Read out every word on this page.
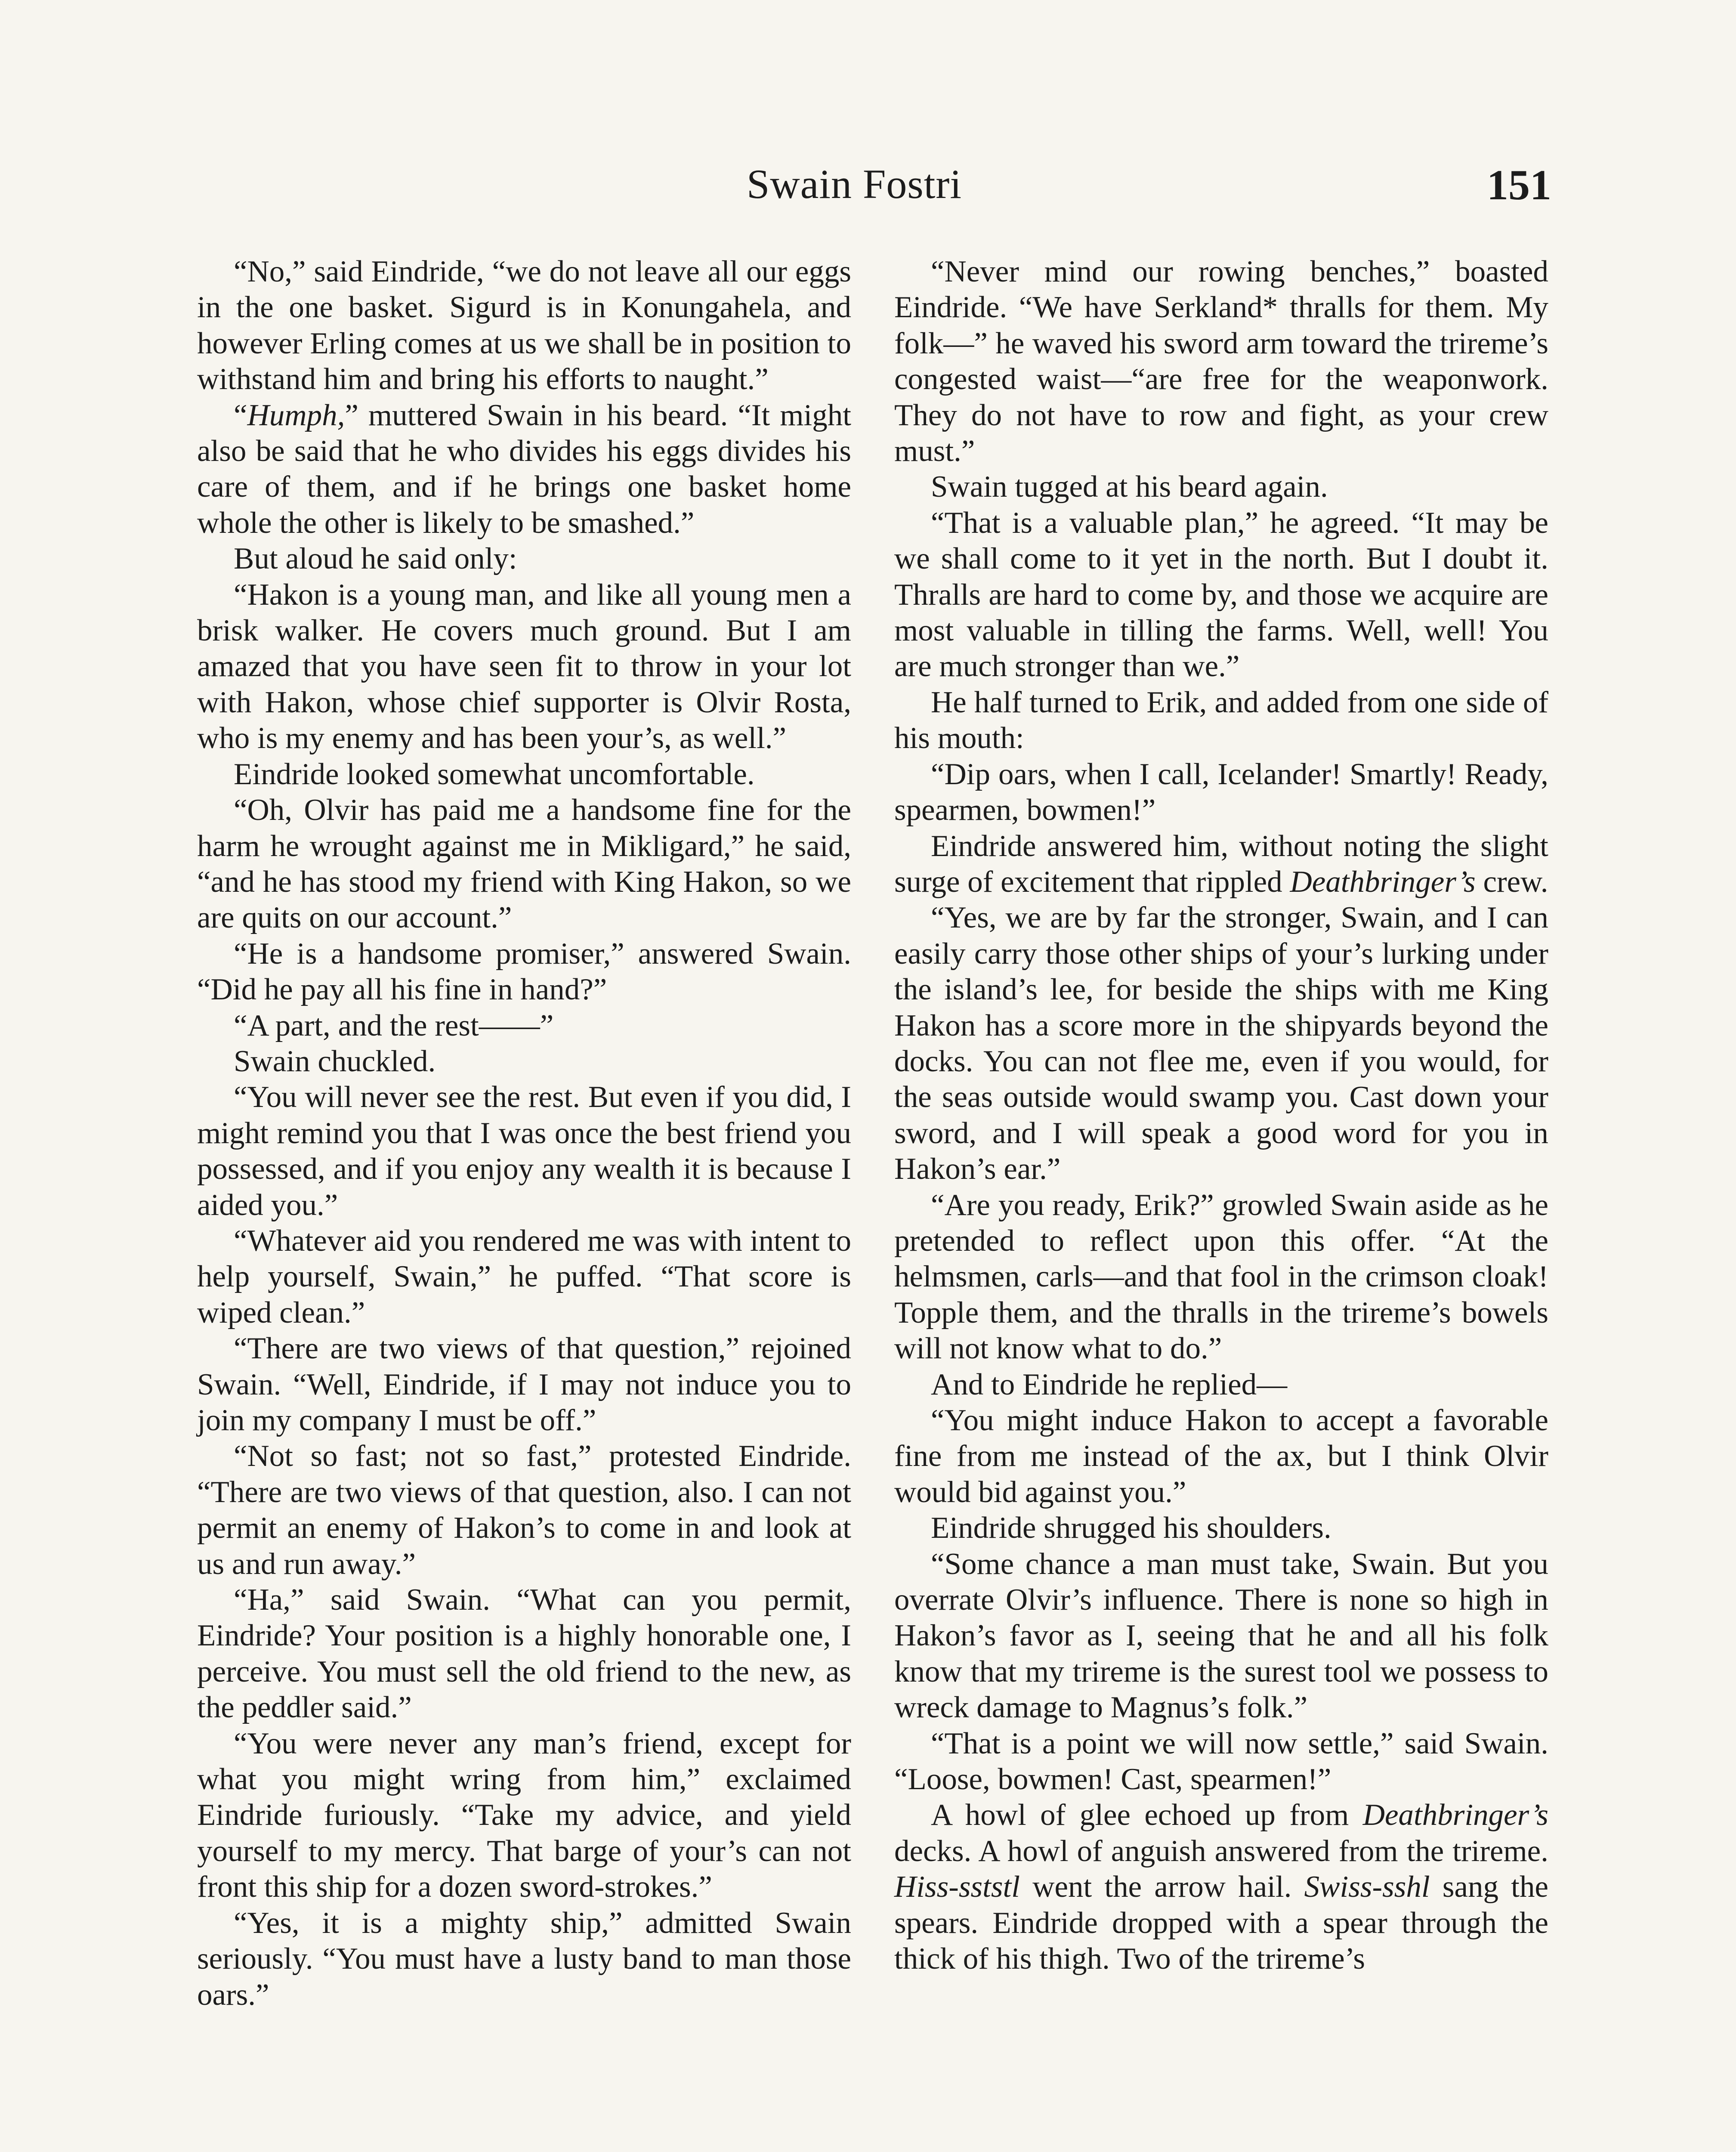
Swain Fostri	151

“No,” said Eindride, “we do not leave all our eggs in the one basket. Sigurd is in Konungahela, and however Erling comes at us we shall be in position to withstand him and bring his efforts to naught.”

“Humph,” muttered Swain in his beard. “It might also be said that he who divides his eggs divides his care of them, and if he brings one basket home whole the other is likely to be smashed.”

But aloud he said only:

“Hakon is a young man, and like all young men a brisk walker. He covers much ground. But I am amazed that you have seen fit to throw in your lot with Hakon, whose chief supporter is Olvir Rosta, who is my enemy and has been your’s, as well.”

Eindride looked somewhat uncomfortable.

“Oh, Olvir has paid me a handsome fine for the harm he wrought against me in Mikligard,” he said, “and he has stood my friend with King Hakon, so we are quits on our account.”

“He is a handsome promiser,” answered Swain. “Did he pay all his fine in hand?”

“A part, and the rest——”

Swain chuckled.

“You will never see the rest. But even if you did, I might remind you that I was once the best friend you possessed, and if you enjoy any wealth it is because I aided you.”

“Whatever aid you rendered me was with intent to help yourself, Swain,” he puffed. “That score is wiped clean.”

“There are two views of that question,” rejoined Swain. “Well, Eindride, if I may not induce you to join my company I must be off.”

“Not so fast; not so fast,” protested Eindride. “There are two views of that question, also. I can not permit an enemy of Hakon’s to come in and look at us and run away.”

“Ha,” said Swain. “What can you permit, Eindride? Your position is a highly honorable one, I perceive. You must sell the old friend to the new, as the peddler said.”

“You were never any man’s friend, except for what you might wring from him,” exclaimed Eindride furiously. “Take my advice, and yield yourself to my mercy. That barge of your’s can not front this ship for a dozen sword-strokes.”

“Yes, it is a mighty ship,” admitted Swain seriously. “You must have a lusty band to man those oars.”

“Never mind our rowing benches,” boasted Eindride. “We have Serkland* thralls for them. My folk—” he waved his sword arm toward the trireme’s congested waist—“are free for the weaponwork. They do not have to row and fight, as your crew must.”

Swain tugged at his beard again.

“That is a valuable plan,” he agreed. “It may be we shall come to it yet in the north. But I doubt it. Thralls are hard to come by, and those we acquire are most valuable in tilling the farms. Well, well! You are much stronger than we.”

He half turned to Erik, and added from one side of his mouth:

“Dip oars, when I call, Icelander! Smartly! Ready, spearmen, bowmen!”

Eindride answered him, without noting the slight surge of excitement that rippled Deathbringer’s crew.

“Yes, we are by far the stronger, Swain, and I can easily carry those other ships of your’s lurking under the island’s lee, for beside the ships with me King Hakon has a score more in the shipyards beyond the docks. You can not flee me, even if you would, for the seas outside would swamp you. Cast down your sword, and I will speak a good word for you in Hakon’s ear.”

“Are you ready, Erik?” growled Swain aside as he pretended to reflect upon this offer. “At the helmsmen, carls—and that fool in the crimson cloak! Topple them, and the thralls in the trireme’s bowels will not know what to do.”

And to Eindride he replied—

“You might induce Hakon to accept a favorable fine from me instead of the ax, but I think Olvir would bid against you.”

Eindride shrugged his shoulders.

“Some chance a man must take, Swain. But you overrate Olvir’s influence. There is none so high in Hakon’s favor as I, seeing that he and all his folk know that my trireme is the surest tool we possess to wreck damage to Magnus’s folk.”

“That is a point we will now settle,” said Swain. “Loose, bowmen! Cast, spearmen!”

A howl of glee echoed up from Deathbringer’s decks. A howl of anguish answered from the trireme. Hiss-sststl went the arrow hail. Swiss-sshl sang the spears. Eindride dropped with a spear through the thick of his thigh. Two of the trireme’s
